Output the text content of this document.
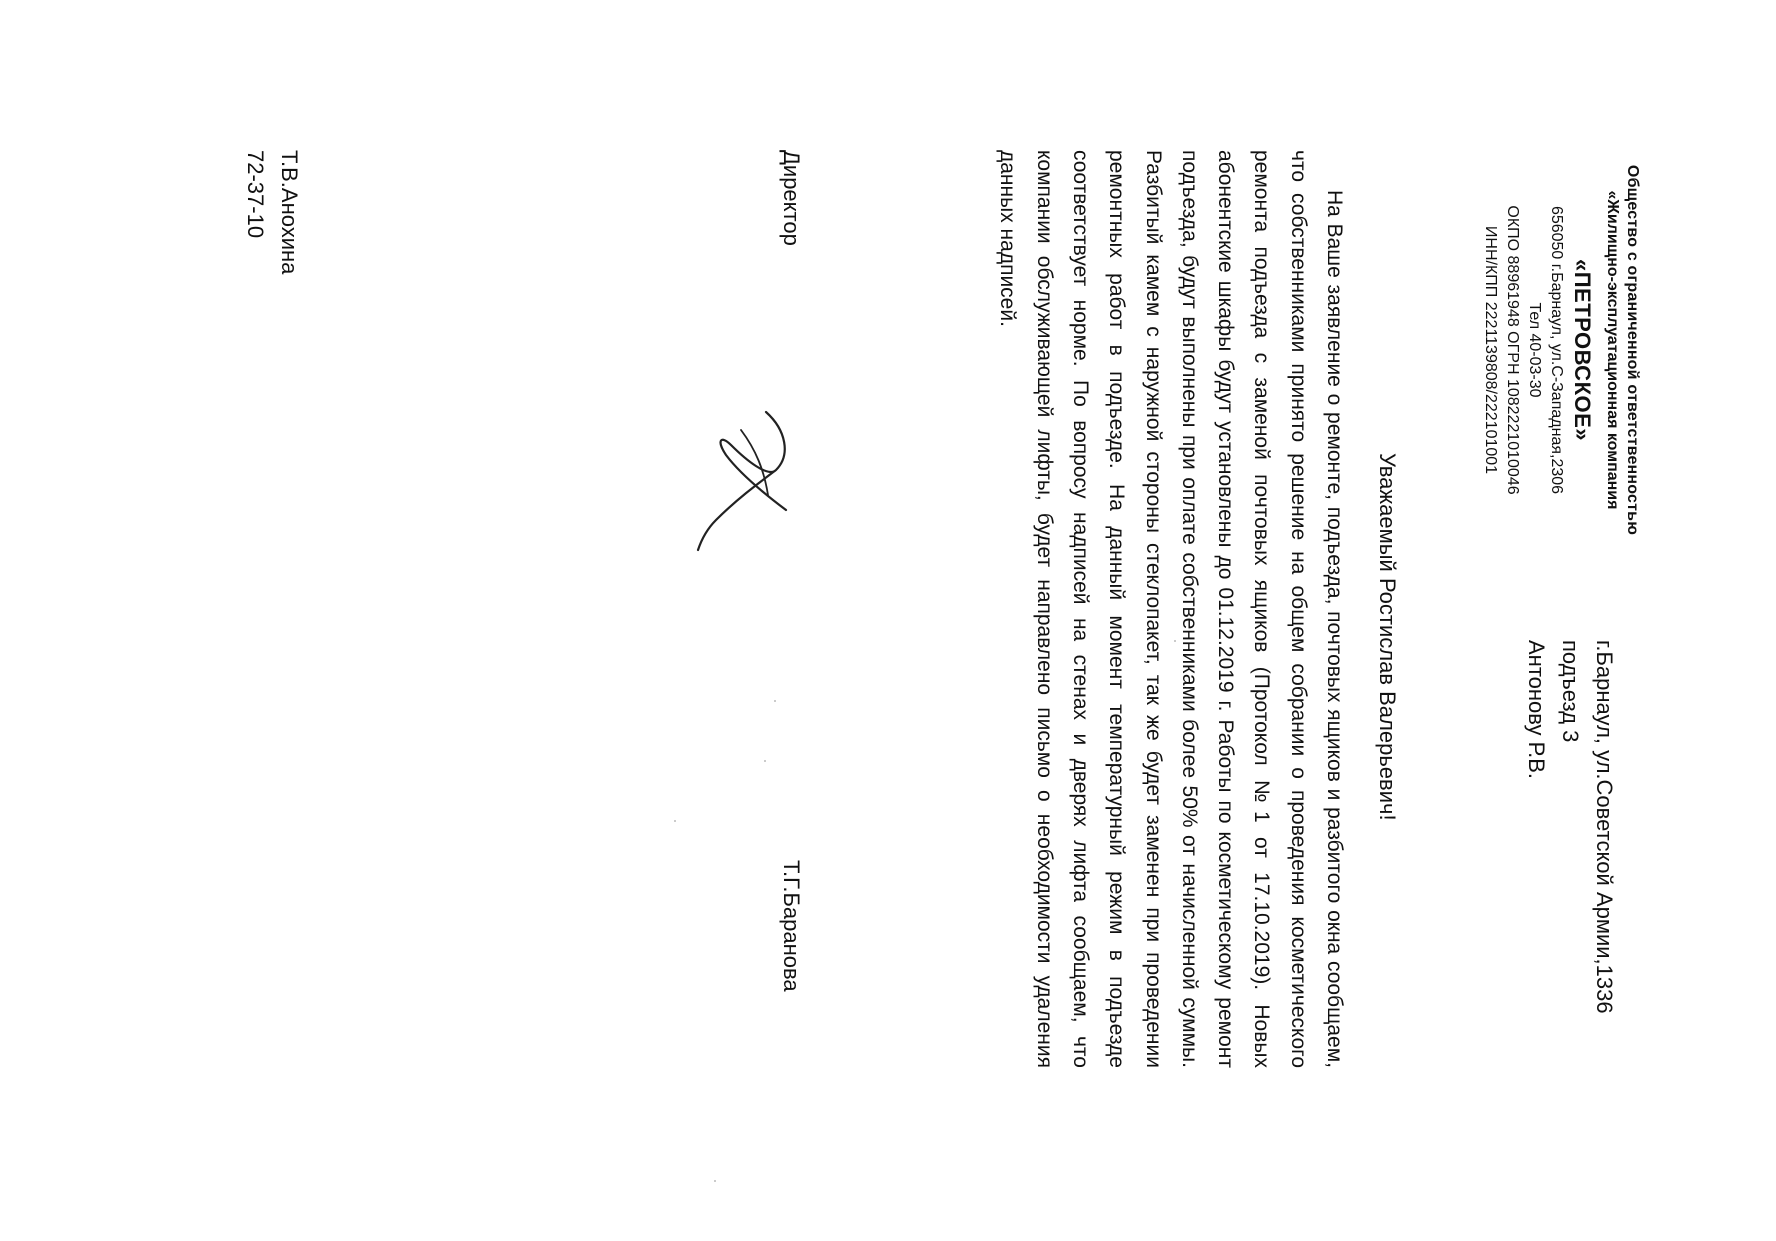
Общество с ограниченной ответственностью
«Жилищно-эксплуатационная компания
«ПЕТРОВСКОЕ»
656050 г.Барнаул, ул.С-Западная,2306
Тел 40-03-30
ОКПО 88961948 ОГРН 1082221010046
ИНН/КПП 2221139808/222101001
г.Барнаул, ул.Советской Армии,1336
подъезд 3
Антонову Р.В.
Уважаемый Ростислав Валерьевич!
На Ваше заявление о ремонте, подъезда, почтовых ящиков и разбитого окна сообщаем, что собственниками принято решение на общем собрании о проведения косметического ремонта подъезда с заменой почтовых ящиков (Протокол №1 от 17.10.2019). Новых абонентские шкафы будут установлены до 01.12.2019 г. Работы по косметическому ремонт подъезда, будут выполнены при оплате собственниками более 50% от начисленной суммы. Разбитый камем с наружной стороны стеклопакет, так же будет заменен при проведении ремонтных работ в подъезде. На данный момент температурный режим в подъезде соответствует норме. По вопросу надписей на стенах и дверях лифта сообщаем, что компании обслуживающей лифты, будет направлено письмо о необходимости удаления данных надписей.
Директор
Т.Г.Баранова
Т.В.Анохина
72-37-10
